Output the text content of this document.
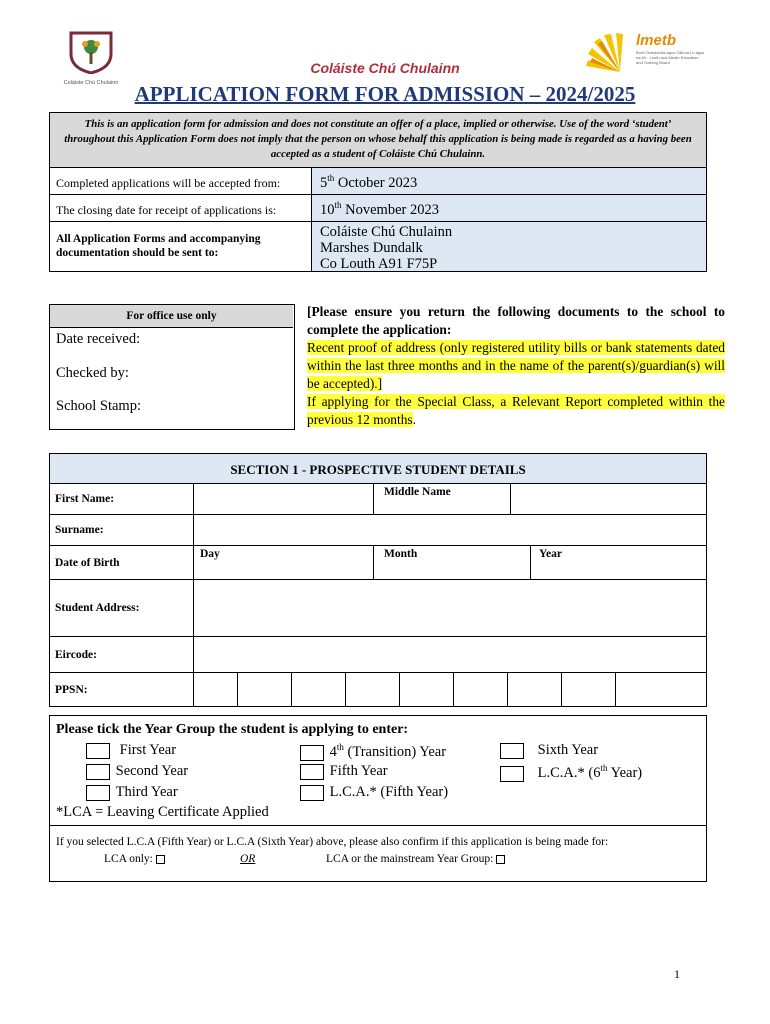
Coláiste Chú Chulainn
lmetb
Bord Oideachais agus Oiliúna Lú agus na Mí · Louth and Meath Education and Training Board
Coláiste Chú Chulainn
APPLICATION FORM FOR ADMISSION – 2024/2025
This is an application form for admission and does not constitute an offer of a place, implied or otherwise. Use of the word ‘student’ throughout this Application Form does not imply that the person on whose behalf this application is being made is regarded as a having been accepted as a student of Coláiste Chú Chulainn.
Completed applications will be accepted from:	5th October 2023
The closing date for receipt of applications is:	10th November 2023
All Application Forms and accompanying documentation should be sent to:
Coláiste Chú Chulainn
Marshes Dundalk
Co Louth A91 F75P
For office use only
Date received:
Checked by:
School Stamp:
[Please ensure you return the following documents to the school to complete the application:
Recent proof of address (only registered utility bills or bank statements dated within the last three months and in the name of the parent(s)/guardian(s) will be accepted).]
If applying for the Special Class, a Relevant Report completed within the previous 12 months.
SECTION 1 - PROSPECTIVE STUDENT DETAILS
First Name:
Middle Name
Surname:
Date of Birth
Day	Month	Year
Student Address:
Eircode:
PPSN:
Please tick the Year Group the student is applying to enter:
First Year
Second Year
Third Year
4th (Transition) Year
Fifth Year
L.C.A.* (Fifth Year)
Sixth Year
L.C.A.* (6th Year)
*LCA = Leaving Certificate Applied
If you selected L.C.A (Fifth Year) or L.C.A (Sixth Year) above, please also confirm if this application is being made for:
LCA only:	OR	LCA or the mainstream Year Group:
1
